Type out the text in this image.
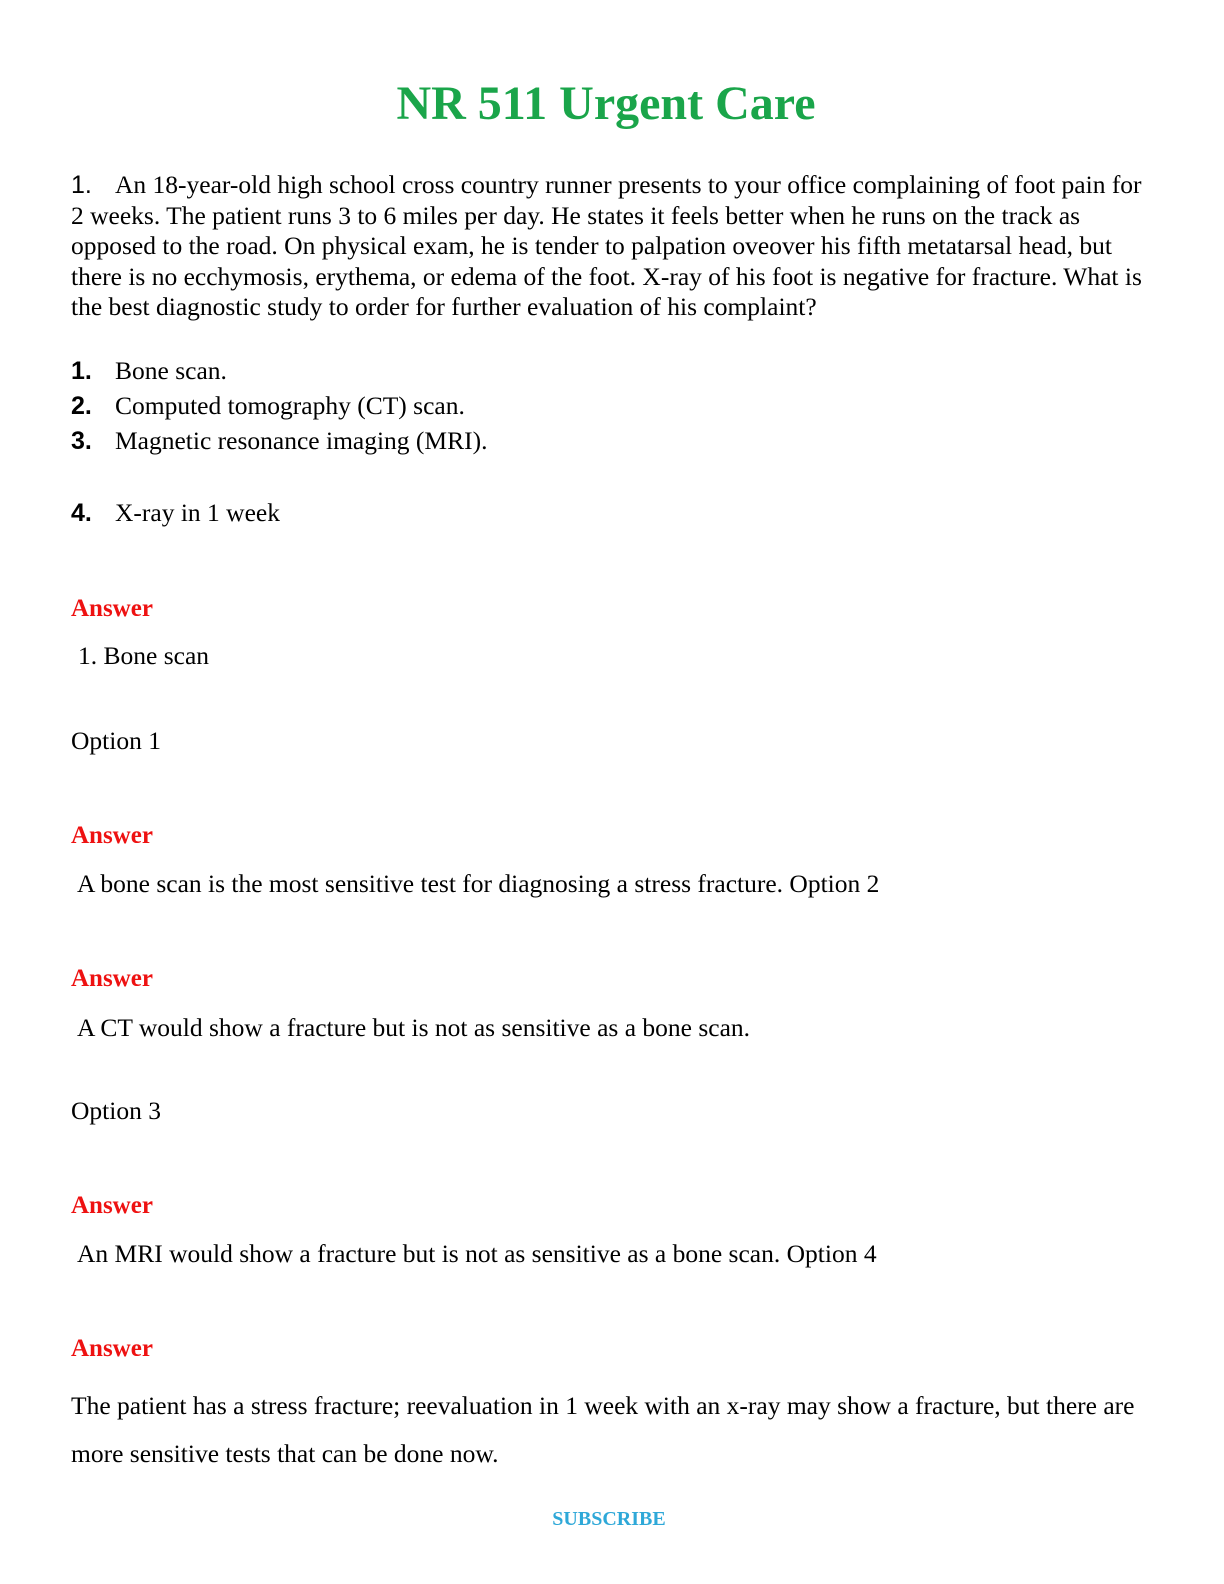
NR 511 Urgent Care
1. An 18-year-old high school cross country runner presents to your office complaining of foot pain for 2 weeks. The patient runs 3 to 6 miles per day. He states it feels better when he runs on the track as opposed to the road. On physical exam, he is tender to palpation oveover his fifth metatarsal head, but there is no ecchymosis, erythema, or edema of the foot. X-ray of his foot is negative for fracture. What is the best diagnostic study to order for further evaluation of his complaint?
1. Bone scan.
2. Computed tomography (CT) scan.
3. Magnetic resonance imaging (MRI).
4. X-ray in 1 week
Answer
1. Bone scan
Option 1
Answer
A bone scan is the most sensitive test for diagnosing a stress fracture. Option 2
Answer
A CT would show a fracture but is not as sensitive as a bone scan.
Option 3
Answer
An MRI would show a fracture but is not as sensitive as a bone scan. Option 4
Answer
The patient has a stress fracture; reevaluation in 1 week with an x-ray may show a fracture, but there are more sensitive tests that can be done now.
SUBSCRIBE
